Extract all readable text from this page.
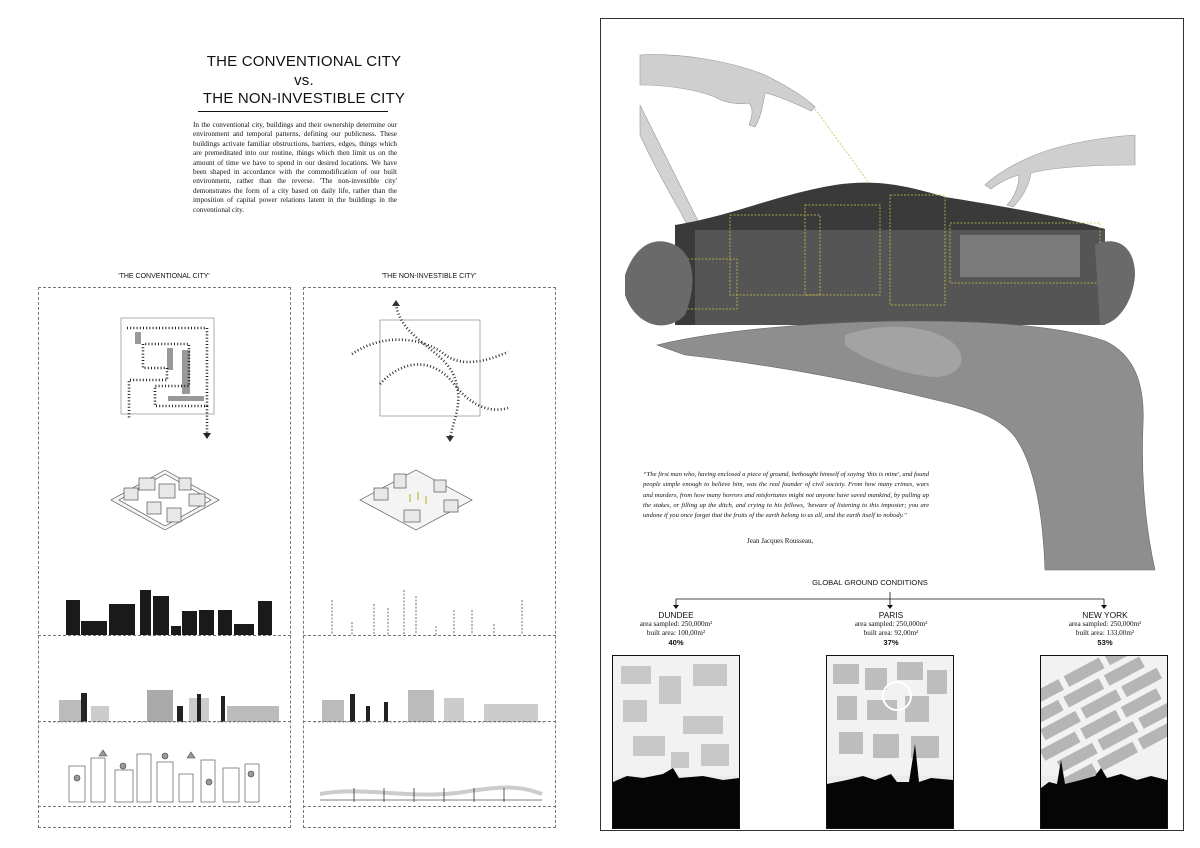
THE CONVENTIONAL CITY
vs.
THE NON-INVESTIBLE CITY
In the conventional city, buildings and their ownership determine our environment and temporal patterns, defining our publicness. These buildings activate familiar obstructions, barriers, edges, things which are premeditated into our routine, things which then limit us on the amount of time we have to spend in our desired locations. We have been shaped in accordance with the commodification of our built environment, rather than the reverse. 'The non-investible city' demonstrates the form of a city based on daily life, rather than the imposition of capital power relations latent in the buildings in the conventional city.
'THE CONVENTIONAL CITY'	'THE NON-INVESTIBLE CITY'
“The first man who, having enclosed a piece of ground, bethought himself of saying 'this is mine', and found people simple enough to believe him, was the real founder of civil society. From how many crimes, wars and murders, from how many horrors and misfortunes might not anyone have saved mankind, by pulling up the stakes, or filling up the ditch, and crying to his fellows, 'beware of listening to this imposter; you are undone if you once forget that the fruits of the earth belong to us all, and the earth itself to nobody.''
Jean Jacques Rousseau,
GLOBAL GROUND CONDITIONS
DUNDEE
area sampled: 250,000m²
built area: 100,00m²
40%
PARIS
area sampled: 250,000m²
built area: 92,00m²
37%
NEW YORK
area sampled: 250,000m²
built area: 133,00m²
53%
